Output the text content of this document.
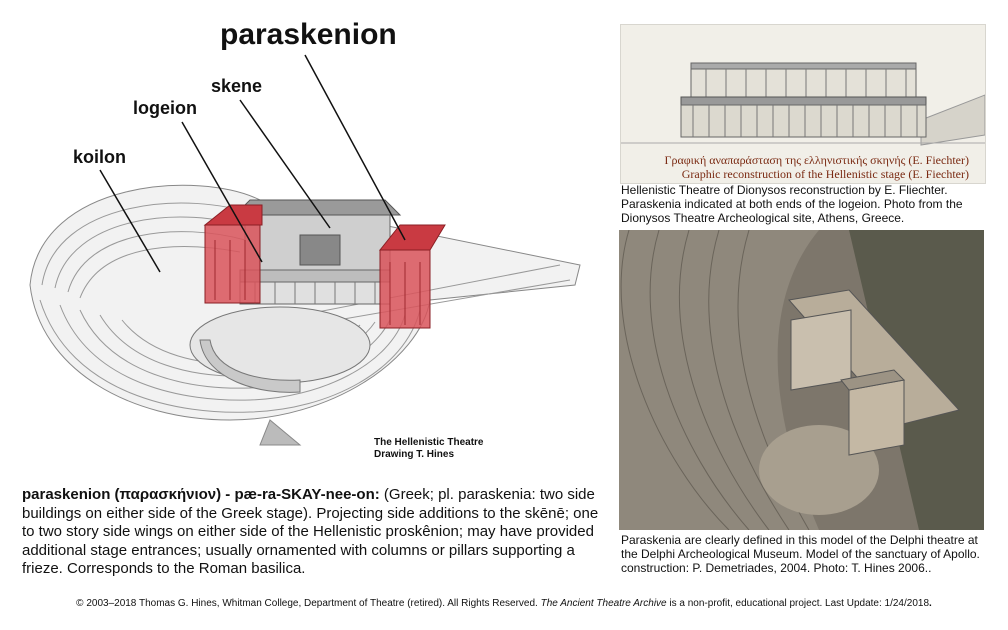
paraskenion
skene
logeion
koilon
The Hellenistic Theatre
Drawing T. Hines
paraskenion (παρασκήνιον) - pæ-ra-SKAY-nee-on: (Greek; pl. paraskenia: two side buildings on either side of the Greek stage). Projecting side additions to the skēnē; one to two story side wings on either side of the Hellenistic proskênion; may have provided additional stage entrances; usually ornamented with columns or pillars supporting a frieze. Corresponds to the Roman basilica.
Γραφική αναπαράσταση της ελληνιστικής σκηνής (E. Fiechter)
Graphic reconstruction of the Hellenistic stage (E. Fiechter)
Hellenistic Theatre of Dionysos reconstruction by E. Fliechter. Paraskenia indicated at both ends of the logeion. Photo from the Dionysos Theatre Archeological site, Athens, Greece.
Paraskenia are clearly defined in this model of the Delphi theatre at the Delphi Archeological Museum. Model of the sanctuary of Apollo. construction: P. Demetriades, 2004. Photo: T. Hines 2006..
© 2003–2018 Thomas G. Hines, Whitman College, Department of Theatre (retired). All Rights Reserved. The Ancient Theatre Archive is a non-profit, educational project. Last Update: 1/24/2018.
